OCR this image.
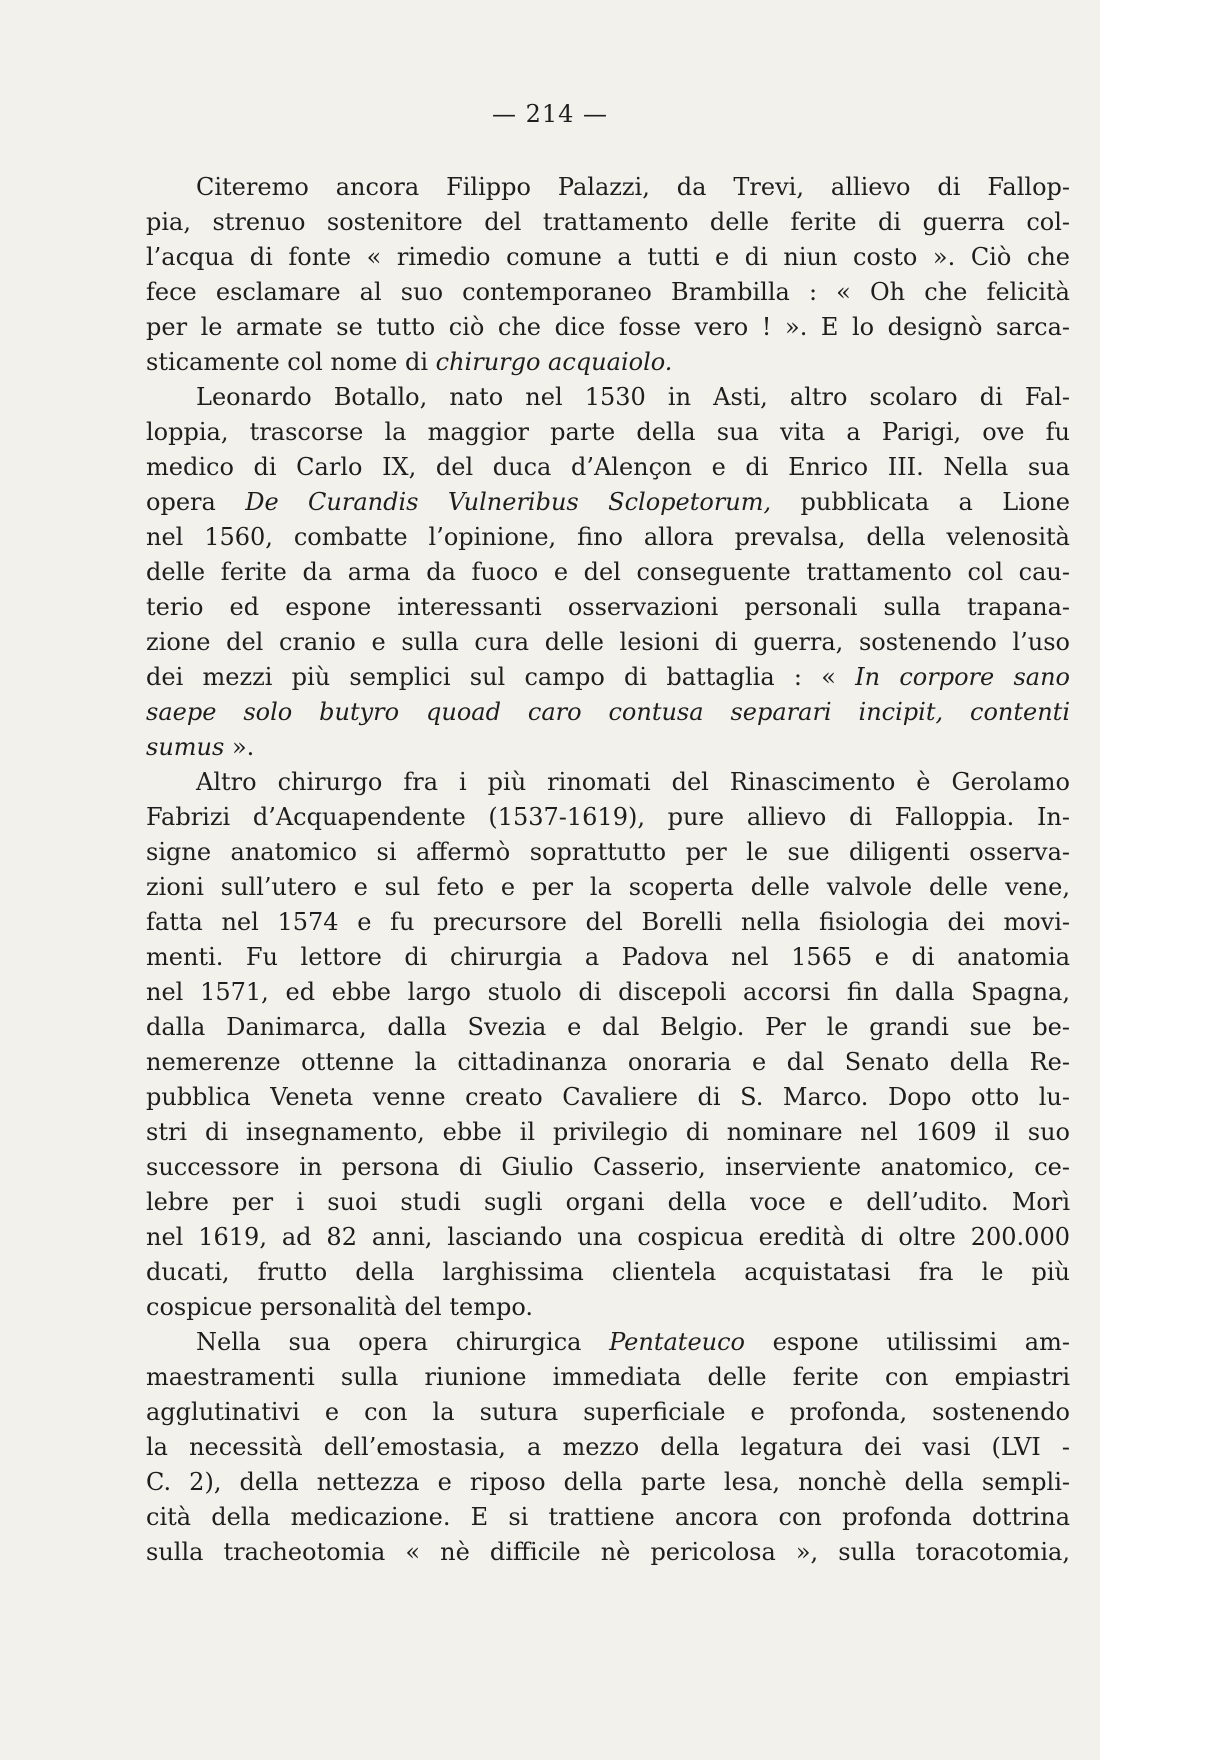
— 214 —
Citeremo ancora Filippo Palazzi, da Trevi, allievo di Fallop-
pia, strenuo sostenitore del trattamento delle ferite di guerra col-
l’acqua di fonte « rimedio comune a tutti e di niun costo ». Ciò che
fece esclamare al suo contemporaneo Brambilla : « Oh che felicità
per le armate se tutto ciò che dice fosse vero ! ». E lo designò sarca-
sticamente col nome di chirurgo acquaiolo.
Leonardo Botallo, nato nel 1530 in Asti, altro scolaro di Fal-
loppia, trascorse la maggior parte della sua vita a Parigi, ove fu
medico di Carlo IX, del duca d’Alençon e di Enrico III. Nella sua
opera De Curandis Vulneribus Sclopetorum, pubblicata a Lione
nel 1560, combatte l’opinione, fino allora prevalsa, della velenosità
delle ferite da arma da fuoco e del conseguente trattamento col cau-
terio ed espone interessanti osservazioni personali sulla trapana-
zione del cranio e sulla cura delle lesioni di guerra, sostenendo l’uso
dei mezzi più semplici sul campo di battaglia : « In corpore sano
saepe solo butyro quoad caro contusa separari incipit, contenti
sumus ».
Altro chirurgo fra i più rinomati del Rinascimento è Gerolamo
Fabrizi d’Acquapendente (1537-1619), pure allievo di Falloppia. In-
signe anatomico si affermò soprattutto per le sue diligenti osserva-
zioni sull’utero e sul feto e per la scoperta delle valvole delle vene,
fatta nel 1574 e fu precursore del Borelli nella fisiologia dei movi-
menti. Fu lettore di chirurgia a Padova nel 1565 e di anatomia
nel 1571, ed ebbe largo stuolo di discepoli accorsi fin dalla Spagna,
dalla Danimarca, dalla Svezia e dal Belgio. Per le grandi sue be-
nemerenze ottenne la cittadinanza onoraria e dal Senato della Re-
pubblica Veneta venne creato Cavaliere di S. Marco. Dopo otto lu-
stri di insegnamento, ebbe il privilegio di nominare nel 1609 il suo
successore in persona di Giulio Casserio, inserviente anatomico, ce-
lebre per i suoi studi sugli organi della voce e dell’udito. Morì
nel 1619, ad 82 anni, lasciando una cospicua eredità di oltre 200.000
ducati, frutto della larghissima clientela acquistatasi fra le più
cospicue personalità del tempo.
Nella sua opera chirurgica Pentateuco espone utilissimi am-
maestramenti sulla riunione immediata delle ferite con empiastri
agglutinativi e con la sutura superficiale e profonda, sostenendo
la necessità dell’emostasia, a mezzo della legatura dei vasi (LVI -
C. 2), della nettezza e riposo della parte lesa, nonchè della sempli-
cità della medicazione. E si trattiene ancora con profonda dottrina
sulla tracheotomia « nè difficile nè pericolosa », sulla toracotomia,
